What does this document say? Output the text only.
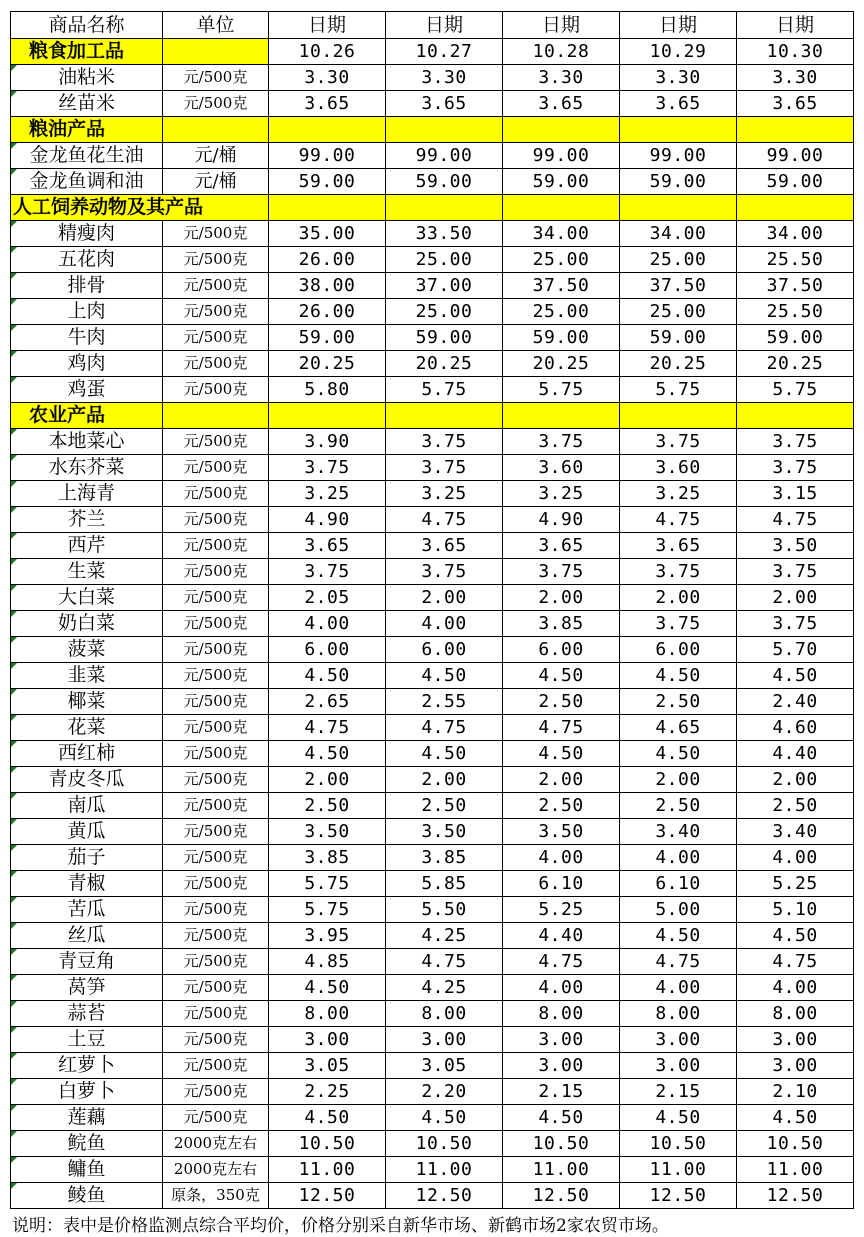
商品名称	单位	日期	日期	日期	日期	日期
粮食加工品		10.26	10.27	10.28	10.29	10.30

油粘米	元/500克	3.30	3.30	3.30	3.30	3.30

丝苗米	元/500克	3.65	3.65	3.65	3.65	3.65
粮油产品						

金龙鱼花生油	元/桶	99.00	99.00	99.00	99.00	99.00

金龙鱼调和油	元/桶	59.00	59.00	59.00	59.00	59.00
人工饲养动物及其产品						

精瘦肉	元/500克	35.00	33.50	34.00	34.00	34.00

五花肉	元/500克	26.00	25.00	25.00	25.00	25.50

排骨	元/500克	38.00	37.00	37.50	37.50	37.50

上肉	元/500克	26.00	25.00	25.00	25.00	25.50

牛肉	元/500克	59.00	59.00	59.00	59.00	59.00

鸡肉	元/500克	20.25	20.25	20.25	20.25	20.25

鸡蛋	元/500克	5.80	5.75	5.75	5.75	5.75
农业产品						

本地菜心	元/500克	3.90	3.75	3.75	3.75	3.75

水东芥菜	元/500克	3.75	3.75	3.60	3.60	3.75

上海青	元/500克	3.25	3.25	3.25	3.25	3.15

芥兰	元/500克	4.90	4.75	4.90	4.75	4.75

西芹	元/500克	3.65	3.65	3.65	3.65	3.50

生菜	元/500克	3.75	3.75	3.75	3.75	3.75

大白菜	元/500克	2.05	2.00	2.00	2.00	2.00

奶白菜	元/500克	4.00	4.00	3.85	3.75	3.75

菠菜	元/500克	6.00	6.00	6.00	6.00	5.70

韭菜	元/500克	4.50	4.50	4.50	4.50	4.50

椰菜	元/500克	2.65	2.55	2.50	2.50	2.40

花菜	元/500克	4.75	4.75	4.75	4.65	4.60

西红柿	元/500克	4.50	4.50	4.50	4.50	4.40

青皮冬瓜	元/500克	2.00	2.00	2.00	2.00	2.00

南瓜	元/500克	2.50	2.50	2.50	2.50	2.50

黄瓜	元/500克	3.50	3.50	3.50	3.40	3.40

茄子	元/500克	3.85	3.85	4.00	4.00	4.00

青椒	元/500克	5.75	5.85	6.10	6.10	5.25

苦瓜	元/500克	5.75	5.50	5.25	5.00	5.10

丝瓜	元/500克	3.95	4.25	4.40	4.50	4.50

青豆角	元/500克	4.85	4.75	4.75	4.75	4.75

莴笋	元/500克	4.50	4.25	4.00	4.00	4.00

蒜苔	元/500克	8.00	8.00	8.00	8.00	8.00

土豆	元/500克	3.00	3.00	3.00	3.00	3.00

红萝卜	元/500克	3.05	3.05	3.00	3.00	3.00

白萝卜	元/500克	2.25	2.20	2.15	2.15	2.10

莲藕	元/500克	4.50	4.50	4.50	4.50	4.50

鲩鱼	2000克左右	10.50	10.50	10.50	10.50	10.50

鳙鱼	2000克左右	11.00	11.00	11.00	11.00	11.00

鲮鱼	原条，350克	12.50	12.50	12.50	12.50	12.50
说明：表中是价格监测点综合平均价，价格分别采自新华市场、新鹤市场2家农贸市场。
